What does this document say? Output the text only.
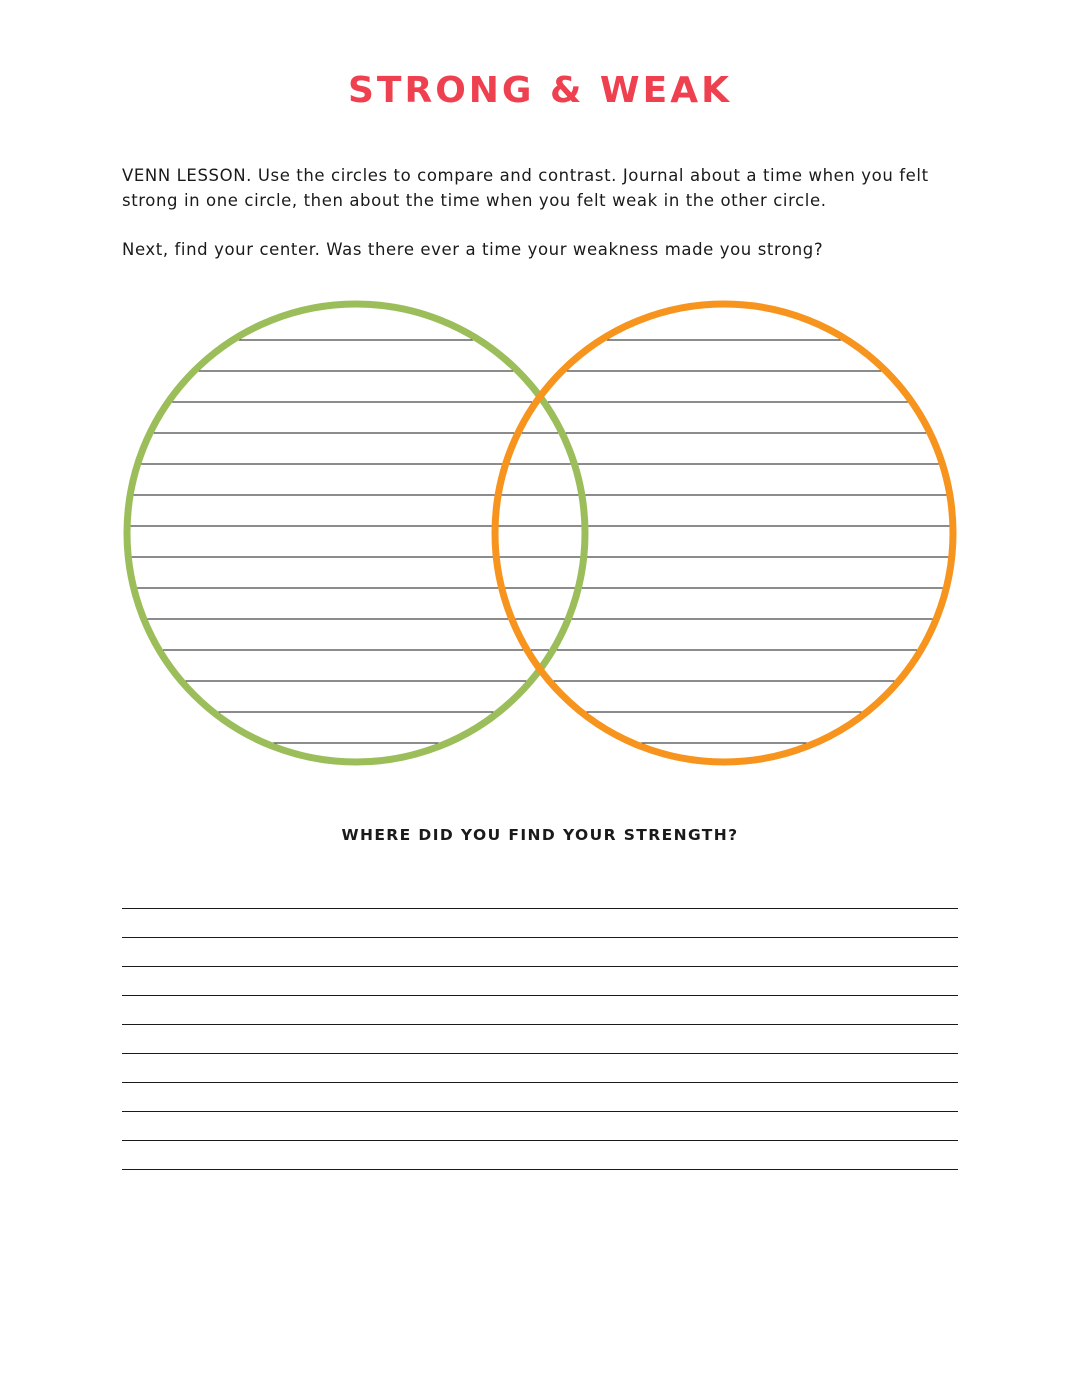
STRONG & WEAK

VENN LESSON. Use the circles to compare and contrast. Journal about a time when you felt strong in one circle, then about the time when you felt weak in the other circle.

Next, find your center. Was there ever a time your weakness made you strong?

WHERE DID YOU FIND YOUR STRENGTH?
